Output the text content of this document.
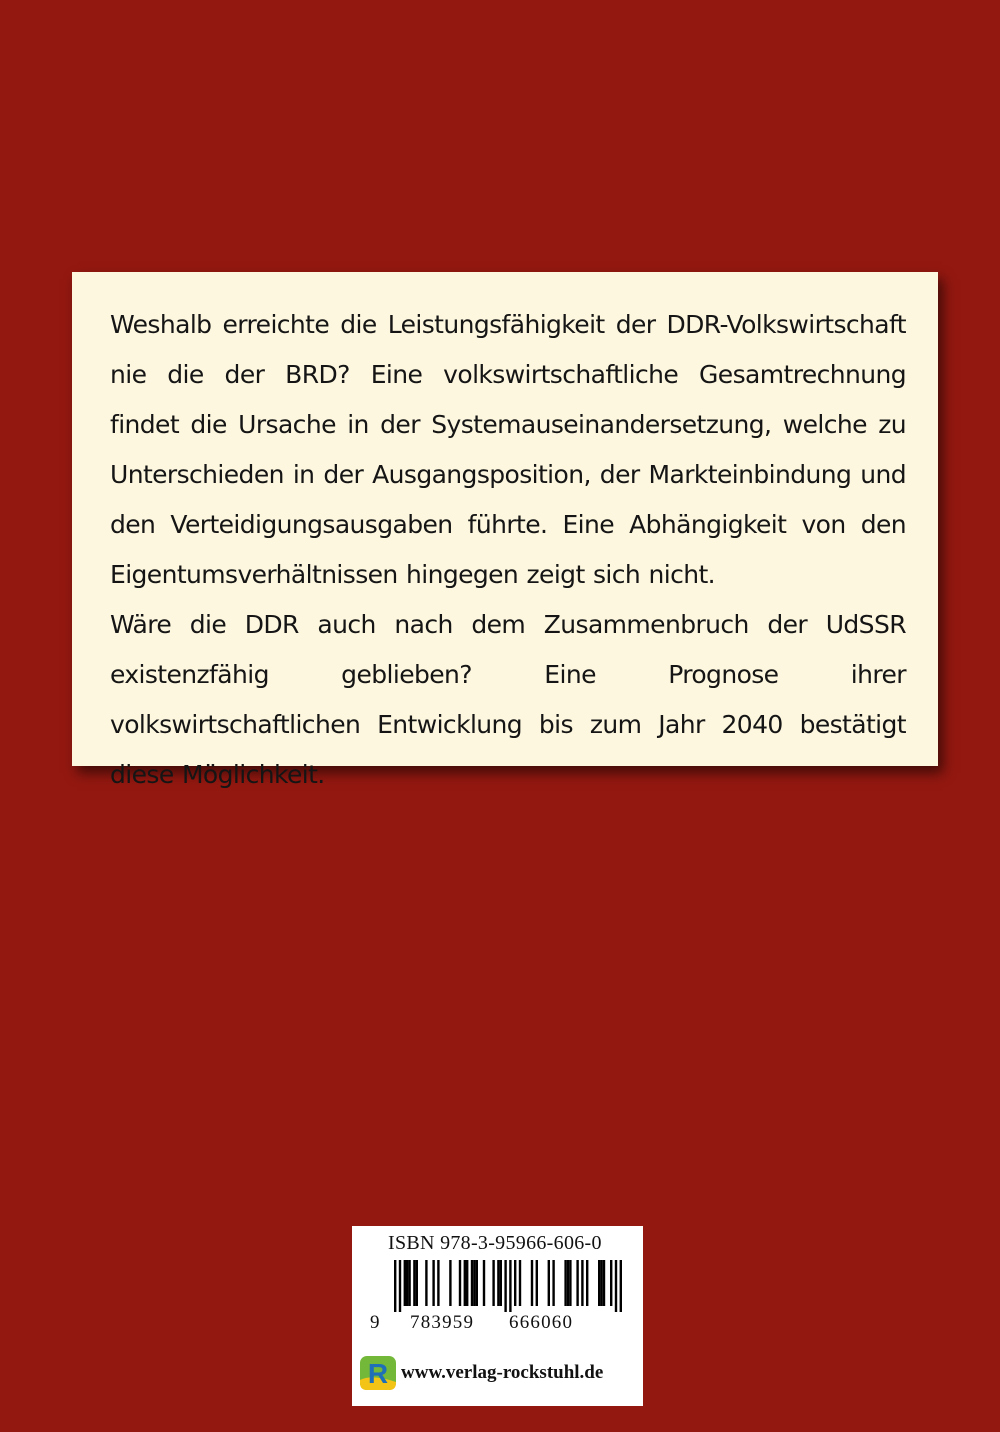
Weshalb erreichte die Leistungsfähigkeit der DDR-Volkswirtschaft nie die der BRD? Eine volkswirtschaftliche Gesamtrechnung findet die Ursache in der Systemauseinandersetzung, welche zu Unterschieden in der Ausgangsposition, der Markteinbindung und den Verteidigungsausgaben führte. Eine Abhängigkeit von den Eigentumsverhältnissen hingegen zeigt sich nicht.

Wäre die DDR auch nach dem Zusammenbruch der UdSSR existenzfähig geblieben? Eine Prognose ihrer volkswirtschaftlichen Entwicklung bis zum Jahr 2040 bestätigt diese Möglichkeit.

ISBN 978-3-95966-606-0
9 783959 666060
R www.verlag-rockstuhl.de
